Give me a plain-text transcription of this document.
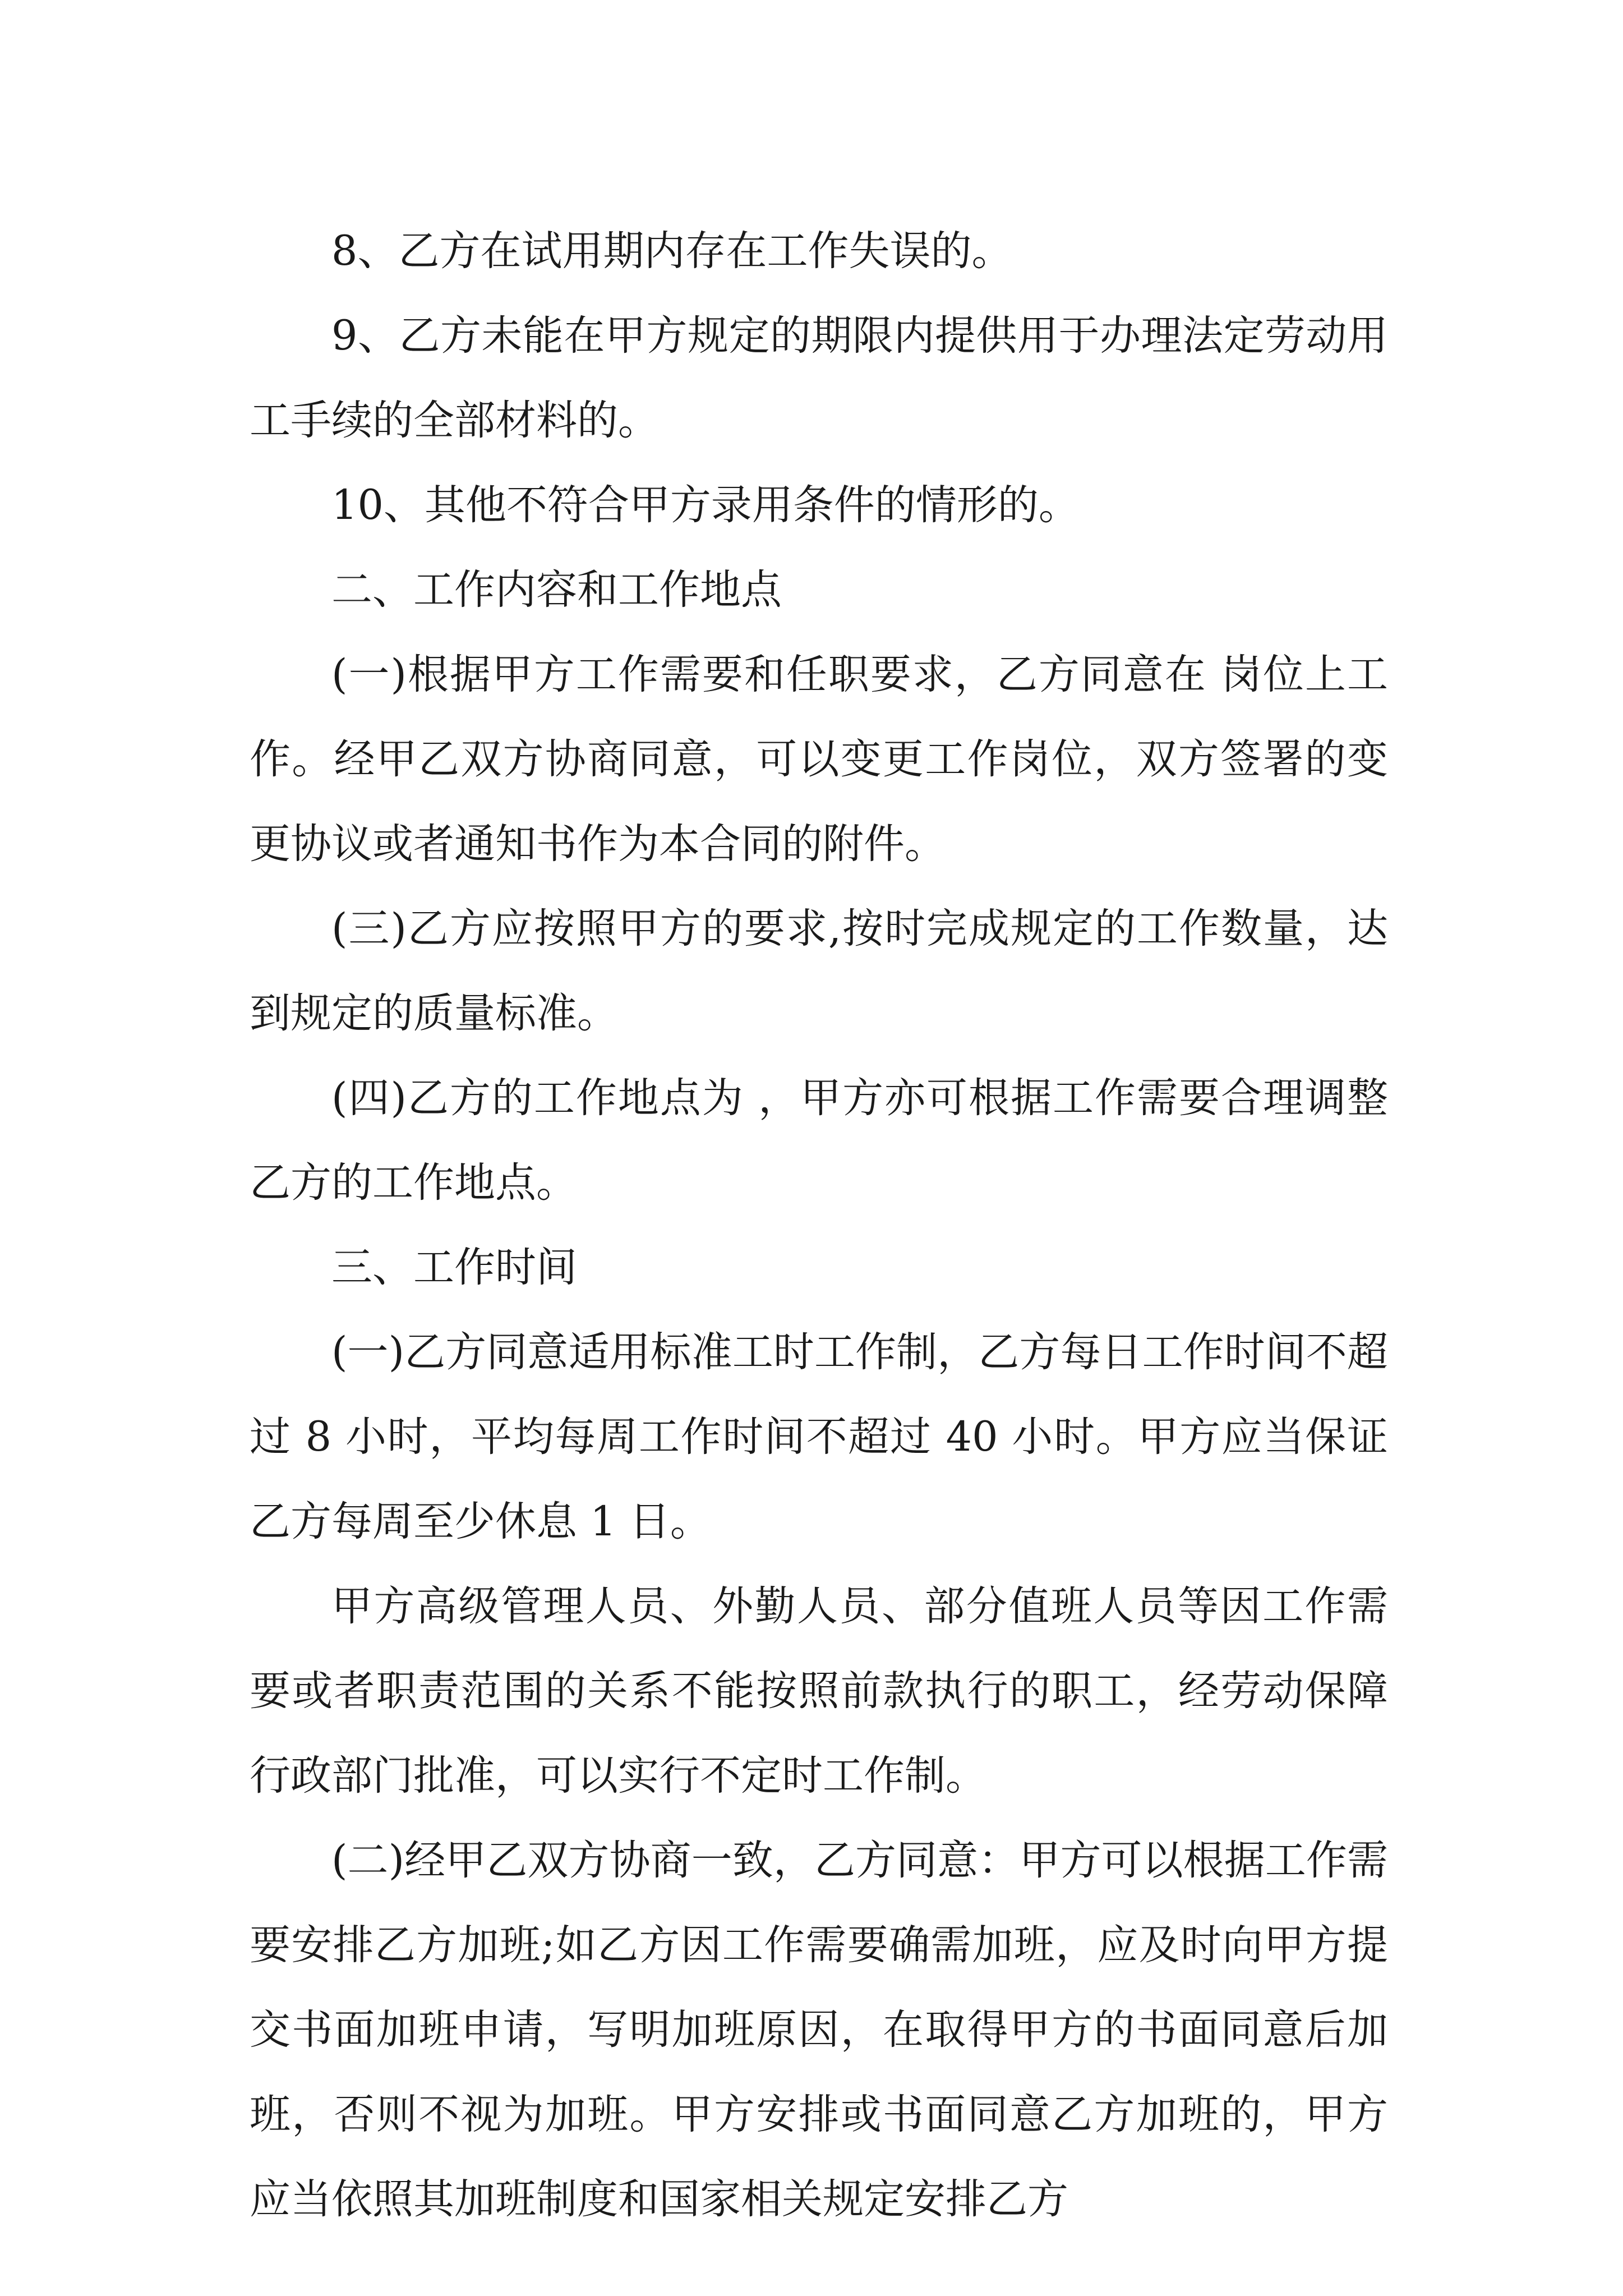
8、乙方在试用期内存在工作失误的。

9、乙方未能在甲方规定的期限内提供用于办理法定劳动用工手续的全部材料的。

10、其他不符合甲方录用条件的情形的。

二、工作内容和工作地点

(一)根据甲方工作需要和任职要求，乙方同意在 岗位上工作。经甲乙双方协商同意，可以变更工作岗位，双方签署的变更协议或者通知书作为本合同的附件。

(三)乙方应按照甲方的要求,按时完成规定的工作数量，达到规定的质量标准。

(四)乙方的工作地点为 ，甲方亦可根据工作需要合理调整乙方的工作地点。

三、工作时间

(一)乙方同意适用标准工时工作制，乙方每日工作时间不超过 8 小时，平均每周工作时间不超过 40 小时。甲方应当保证乙方每周至少休息 1 日。

甲方高级管理人员、外勤人员、部分值班人员等因工作需要或者职责范围的关系不能按照前款执行的职工，经劳动保障行政部门批准，可以实行不定时工作制。

(二)经甲乙双方协商一致，乙方同意：甲方可以根据工作需要安排乙方加班;如乙方因工作需要确需加班，应及时向甲方提交书面加班申请，写明加班原因，在取得甲方的书面同意后加班，否则不视为加班。甲方安排或书面同意乙方加班的，甲方应当依照其加班制度和国家相关规定安排乙方
